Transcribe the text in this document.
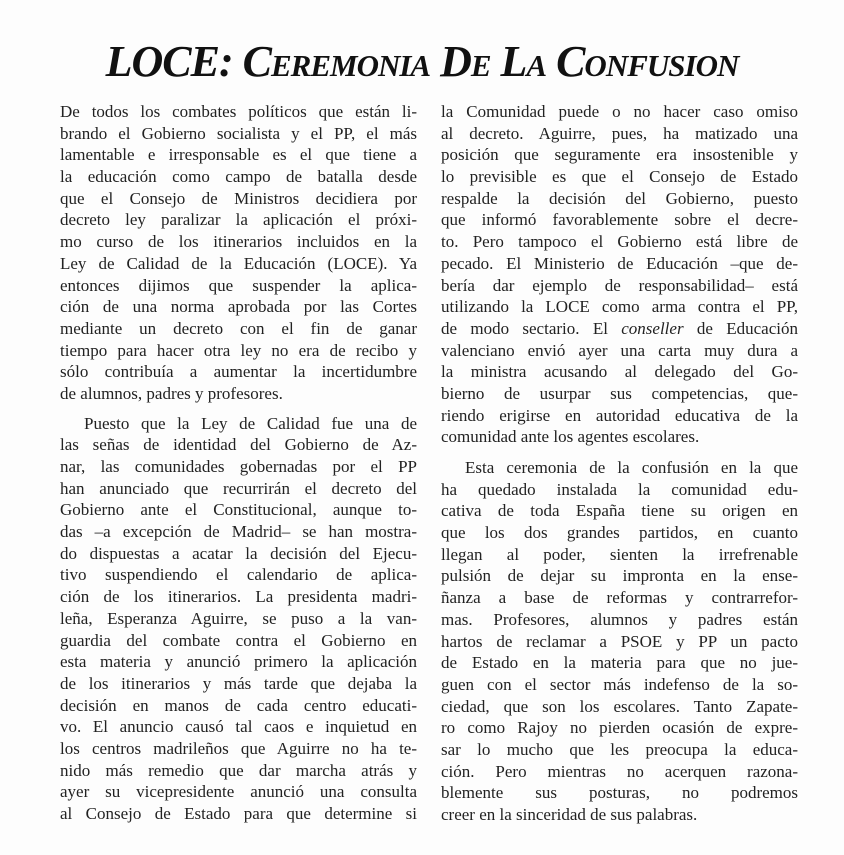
LOCE: Ceremonia De La Confusion
De todos los combates políticos que están li-
brando el Gobierno socialista y el PP, el más
lamentable e irresponsable es el que tiene a
la educación como campo de batalla desde
que el Consejo de Ministros decidiera por
decreto ley paralizar la aplicación el próxi-
mo curso de los itinerarios incluidos en la
Ley de Calidad de la Educación (LOCE). Ya
entonces dijimos que suspender la aplica-
ción de una norma aprobada por las Cortes
mediante un decreto con el fin de ganar
tiempo para hacer otra ley no era de recibo y
sólo contribuía a aumentar la incertidumbre
de alumnos, padres y profesores.
Puesto que la Ley de Calidad fue una de
las señas de identidad del Gobierno de Az-
nar, las comunidades gobernadas por el PP
han anunciado que recurrirán el decreto del
Gobierno ante el Constitucional, aunque to-
das –a excepción de Madrid– se han mostra-
do dispuestas a acatar la decisión del Ejecu-
tivo suspendiendo el calendario de aplica-
ción de los itinerarios. La presidenta madri-
leña, Esperanza Aguirre, se puso a la van-
guardia del combate contra el Gobierno en
esta materia y anunció primero la aplicación
de los itinerarios y más tarde que dejaba la
decisión en manos de cada centro educati-
vo. El anuncio causó tal caos e inquietud en
los centros madrileños que Aguirre no ha te-
nido más remedio que dar marcha atrás y
ayer su vicepresidente anunció una consulta
al Consejo de Estado para que determine si
la Comunidad puede o no hacer caso omiso
al decreto. Aguirre, pues, ha matizado una
posición que seguramente era insostenible y
lo previsible es que el Consejo de Estado
respalde la decisión del Gobierno, puesto
que informó favorablemente sobre el decre-
to. Pero tampoco el Gobierno está libre de
pecado. El Ministerio de Educación –que de-
bería dar ejemplo de responsabilidad– está
utilizando la LOCE como arma contra el PP,
de modo sectario. El conseller de Educación
valenciano envió ayer una carta muy dura a
la ministra acusando al delegado del Go-
bierno de usurpar sus competencias, que-
riendo erigirse en autoridad educativa de la
comunidad ante los agentes escolares.
Esta ceremonia de la confusión en la que
ha quedado instalada la comunidad edu-
cativa de toda España tiene su origen en
que los dos grandes partidos, en cuanto
llegan al poder, sienten la irrefrenable
pulsión de dejar su impronta en la ense-
ñanza a base de reformas y contrarrefor-
mas. Profesores, alumnos y padres están
hartos de reclamar a PSOE y PP un pacto
de Estado en la materia para que no jue-
guen con el sector más indefenso de la so-
ciedad, que son los escolares. Tanto Zapate-
ro como Rajoy no pierden ocasión de expre-
sar lo mucho que les preocupa la educa-
ción. Pero mientras no acerquen razona-
blemente sus posturas, no podremos
creer en la sinceridad de sus palabras.
